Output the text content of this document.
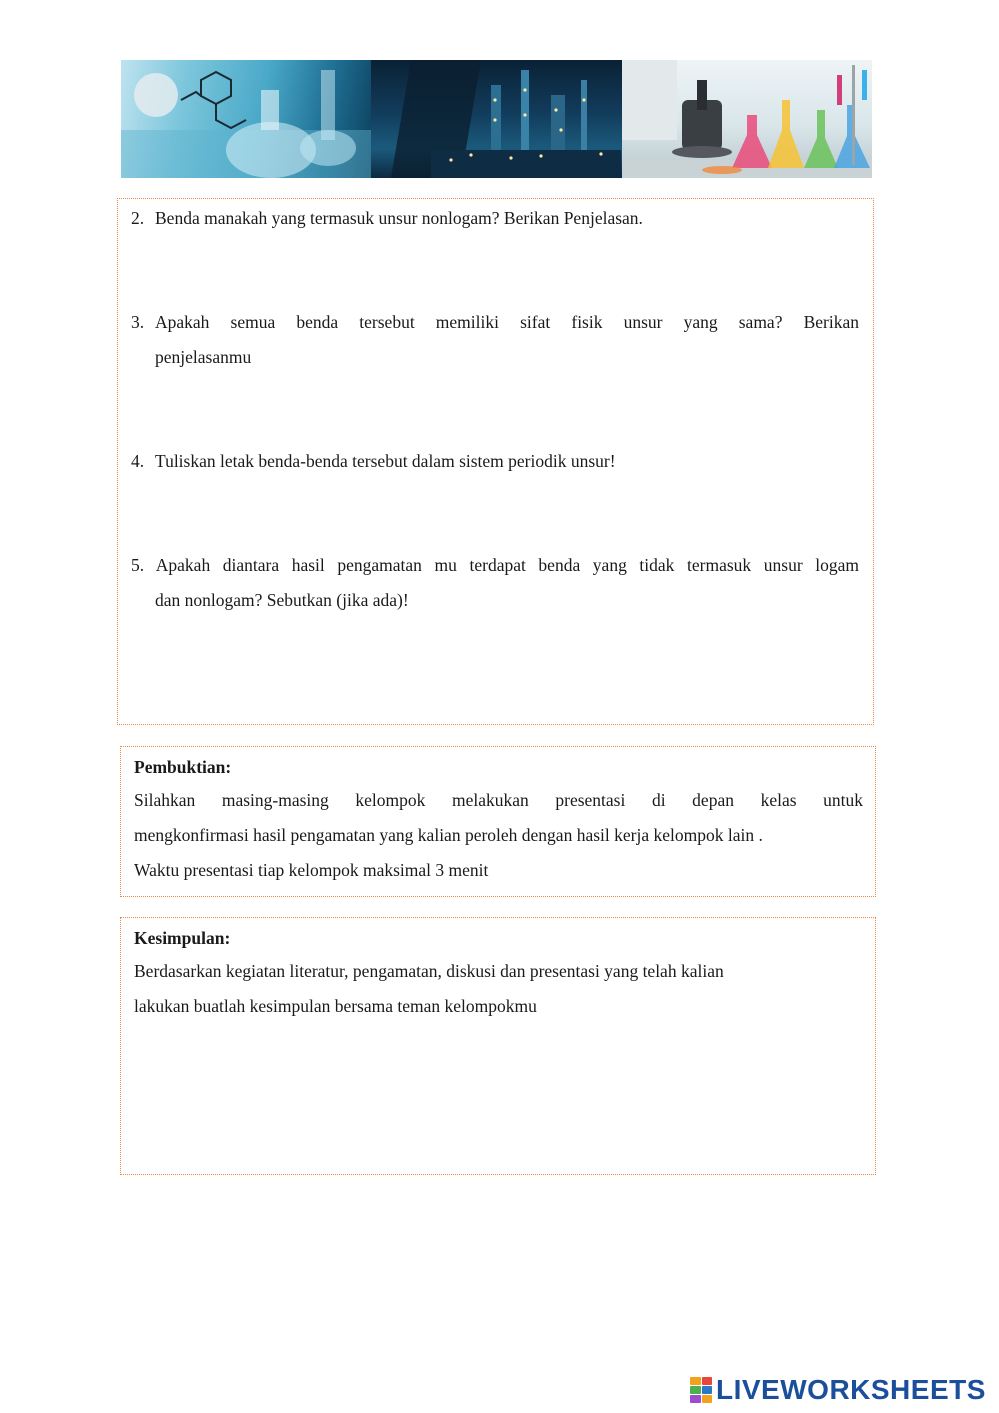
2. Benda manakah yang termasuk unsur nonlogam? Berikan Penjelasan.
3. Apakah semua benda tersebut memiliki sifat fisik unsur yang sama? Berikan
penjelasanmu
4. Tuliskan letak benda-benda tersebut dalam sistem periodik unsur!
5. Apakah diantara hasil pengamatan mu terdapat benda yang tidak termasuk unsur logam
dan nonlogam? Sebutkan (jika ada)!
Pembuktian:
Silahkan masing-masing kelompok melakukan presentasi di depan kelas untuk
mengkonfirmasi hasil pengamatan yang kalian peroleh dengan hasil kerja kelompok lain .
Waktu presentasi tiap kelompok maksimal 3 menit
Kesimpulan:
Berdasarkan kegiatan literatur, pengamatan, diskusi dan presentasi yang telah kalian
lakukan buatlah kesimpulan bersama teman kelompokmu
LIVEWORKSHEETS
